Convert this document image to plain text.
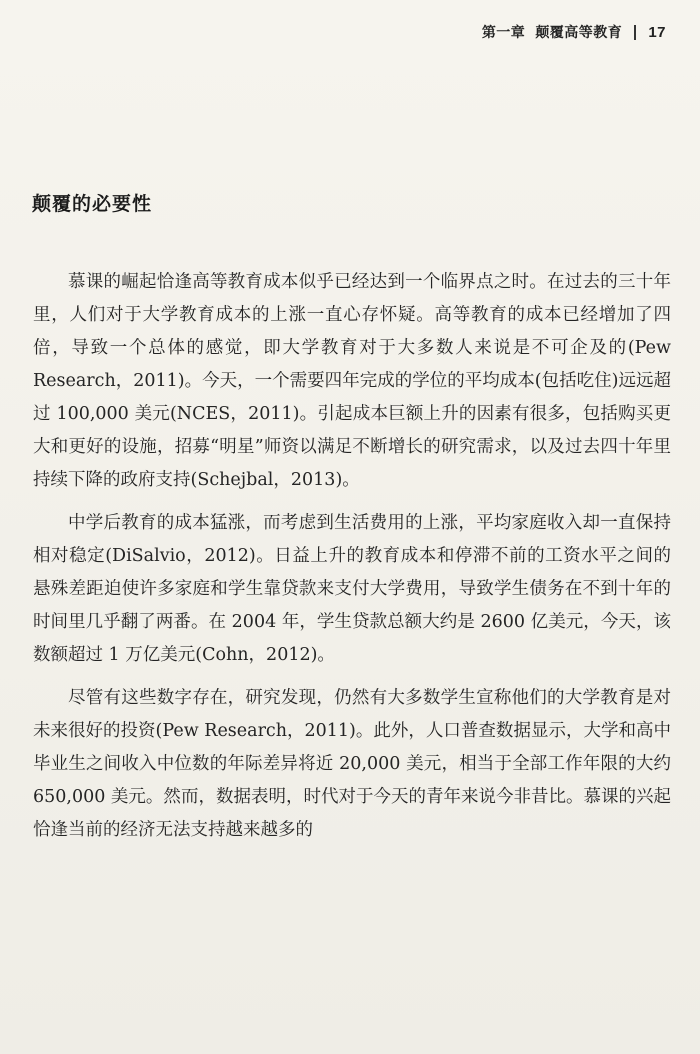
第一章 颠覆高等教育 17
颠覆的必要性

慕课的崛起恰逢高等教育成本似乎已经达到一个临界点之时。在过去的三十年里，人们对于大学教育成本的上涨一直心存怀疑。高等教育的成本已经增加了四倍，导致一个总体的感觉，即大学教育对于大多数人来说是不可企及的(Pew Research，2011)。今天，一个需要四年完成的学位的平均成本(包括吃住)远远超过 100,000 美元(NCES，2011)。引起成本巨额上升的因素有很多，包括购买更大和更好的设施，招募“明星”师资以满足不断增长的研究需求，以及过去四十年里持续下降的政府支持(Schejbal，2013)。

中学后教育的成本猛涨，而考虑到生活费用的上涨，平均家庭收入却一直保持相对稳定(DiSalvio，2012)。日益上升的教育成本和停滞不前的工资水平之间的悬殊差距迫使许多家庭和学生靠贷款来支付大学费用，导致学生债务在不到十年的时间里几乎翻了两番。在 2004 年，学生贷款总额大约是 2600 亿美元，今天，该数额超过 1 万亿美元(Cohn，2012)。

尽管有这些数字存在，研究发现，仍然有大多数学生宣称他们的大学教育是对未来很好的投资(Pew Research，2011)。此外，人口普查数据显示，大学和高中毕业生之间收入中位数的年际差异将近 20,000 美元，相当于全部工作年限的大约 650,000 美元。然而，数据表明，时代对于今天的青年来说今非昔比。慕课的兴起恰逢当前的经济无法支持越来越多的
